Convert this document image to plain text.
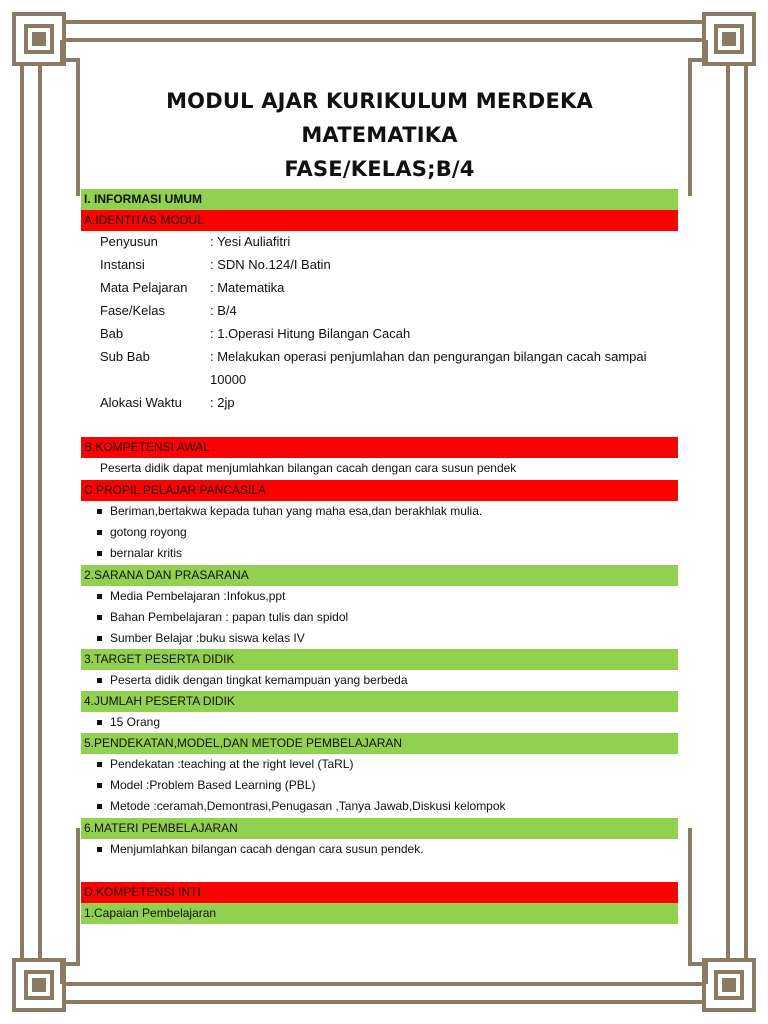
MODUL AJAR KURIKULUM MERDEKA
MATEMATIKA
FASE/KELAS;B/4
I. INFORMASI UMUM
A.IDENTITAS MODUL
Penyusun	: Yesi Auliafitri
Instansi	: SDN No.124/I Batin
Mata Pelajaran	: Matematika
Fase/Kelas	: B/4
Bab	: 1.Operasi Hitung Bilangan Cacah
Sub Bab	: Melakukan operasi penjumlahan dan pengurangan bilangan cacah sampai
10000
Alokasi Waktu	: 2jp
B.KOMPETENSI AWAL
Peserta didik dapat menjumlahkan bilangan cacah dengan cara susun pendek
C.PROPIL PELAJAR PANCASILA
Beriman,bertakwa kepada tuhan yang maha esa,dan berakhlak mulia.
gotong royong
bernalar kritis
2.SARANA DAN PRASARANA
Media Pembelajaran :Infokus,ppt
Bahan Pembelajaran : papan tulis dan spidol
Sumber Belajar :buku siswa kelas IV
3.TARGET PESERTA DIDIK
Peserta didik dengan tingkat kemampuan yang berbeda
4.JUMLAH PESERTA DIDIK
15 Orang
5.PENDEKATAN,MODEL,DAN METODE PEMBELAJARAN
Pendekatan :teaching at the right level (TaRL)
Model :Problem Based Learning (PBL)
Metode :ceramah,Demontrasi,Penugasan ,Tanya Jawab,Diskusi kelompok
6.MATERI PEMBELAJARAN
Menjumlahkan bilangan cacah dengan cara susun pendek.
D.KOMPETENSI INTI
1.Capaian Pembelajaran
